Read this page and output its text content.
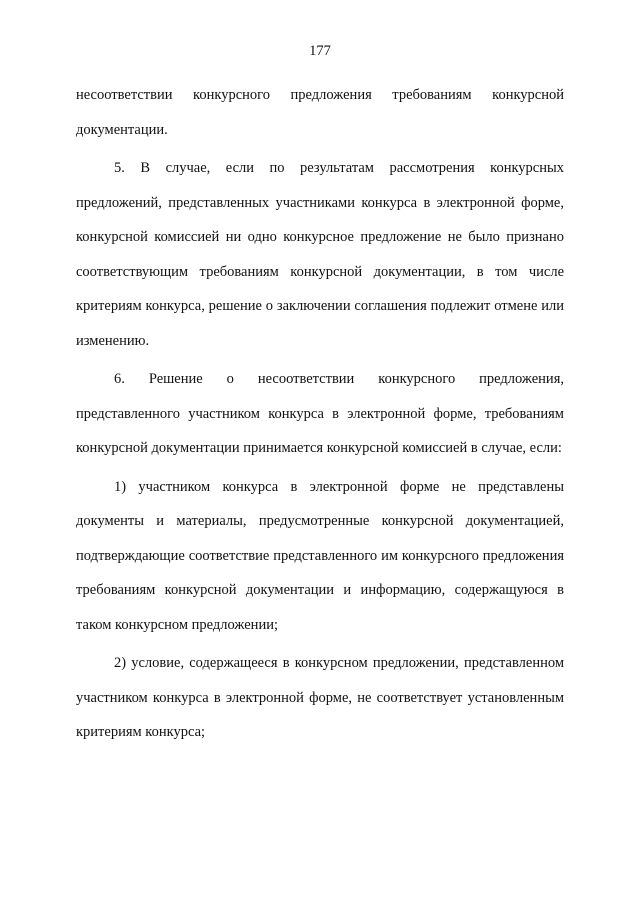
177

несоответствии конкурсного предложения требованиям конкурсной документации.

5. В случае, если по результатам рассмотрения конкурсных предложений, представленных участниками конкурса в электронной форме, конкурсной комиссией ни одно конкурсное предложение не было признано соответствующим требованиям конкурсной документации, в том числе критериям конкурса, решение о заключении соглашения подлежит отмене или изменению.

6. Решение о несоответствии конкурсного предложения, представленного участником конкурса в электронной форме, требованиям конкурсной документации принимается конкурсной комиссией в случае, если:

1) участником конкурса в электронной форме не представлены документы и материалы, предусмотренные конкурсной документацией, подтверждающие соответствие представленного им конкурсного предложения требованиям конкурсной документации и информацию, содержащуюся в таком конкурсном предложении;

2) условие, содержащееся в конкурсном предложении, представленном участником конкурса в электронной форме, не соответствует установленным критериям конкурса;
